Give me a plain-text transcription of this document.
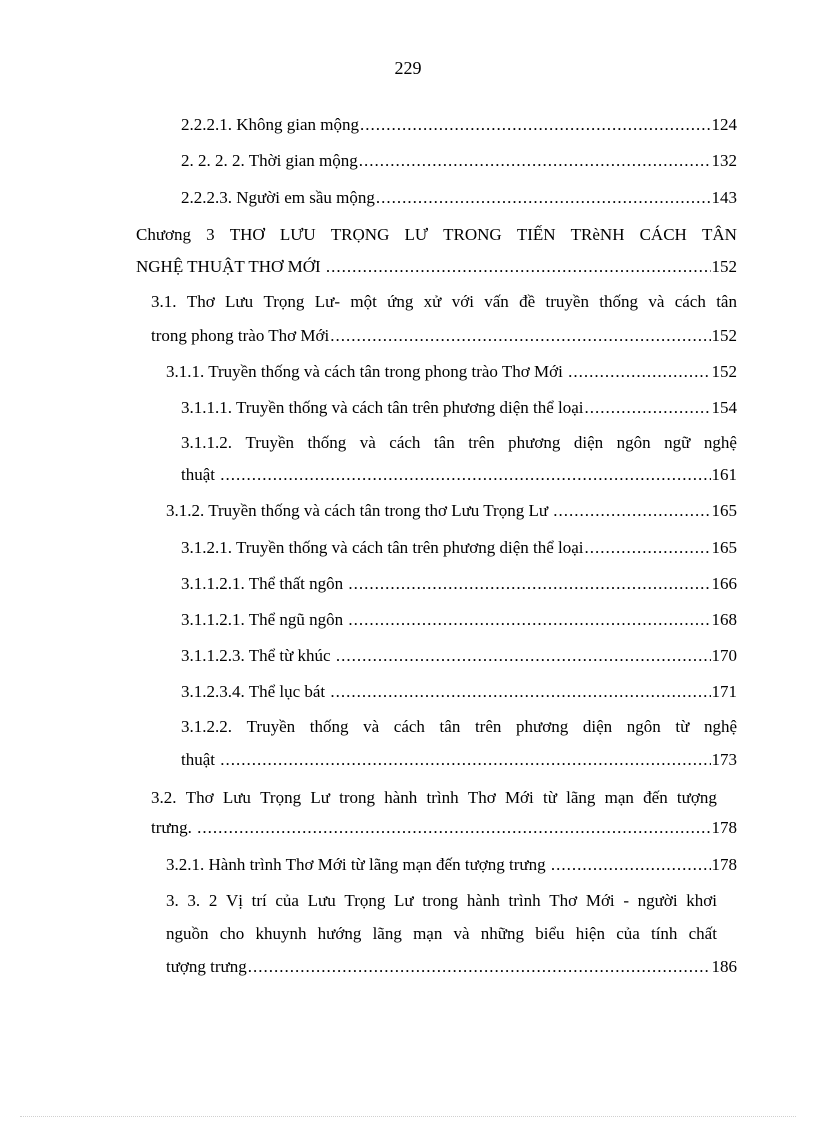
229
2.2.2.1. Không gian mộng .....	124
2. 2. 2. 2. Thời gian mộng .....	132
2.2.2.3. Người em sầu mộng .....	143
Chương 3 THƠ LƯU TRỌNG LƯ TRONG TIẾN TRèNH CÁCH TÂN
NGHỆ THUẬT THƠ MỚI .....	152
3.1. Thơ Lưu Trọng Lư- một ứng xử với vấn đề truyền thống và cách tân
trong phong trào Thơ Mới .....	152
3.1.1. Truyền thống và cách tân trong phong trào Thơ Mới .....	152
3.1.1.1. Truyền thống và cách tân trên phương diện thể loại .....	154
3.1.1.2. Truyền thống và cách tân trên phương diện ngôn ngữ nghệ
thuật .....	161
3.1.2. Truyền thống và cách tân trong thơ Lưu Trọng Lư .....	165
3.1.2.1. Truyền thống và cách tân trên phương diện thể loại .....	165
3.1.1.2.1. Thể thất ngôn .....	166
3.1.1.2.1. Thể ngũ ngôn .....	168
3.1.1.2.3. Thể từ khúc .....	170
3.1.2.3.4. Thể lục bát .....	171
3.1.2.2. Truyền thống và cách tân trên phương diện ngôn từ nghệ
thuật .....	173
3.2. Thơ Lưu Trọng Lư trong hành trình Thơ Mới từ lãng mạn đến tượng
trưng. .....	178
3.2.1. Hành trình Thơ Mới từ lãng mạn đến tượng trưng .....	178
3. 3. 2 Vị trí của Lưu Trọng Lư trong hành trình Thơ Mới - người khơi
nguồn cho khuynh hướng lãng mạn và những biểu hiện của tính chất
tượng trưng .....	186
